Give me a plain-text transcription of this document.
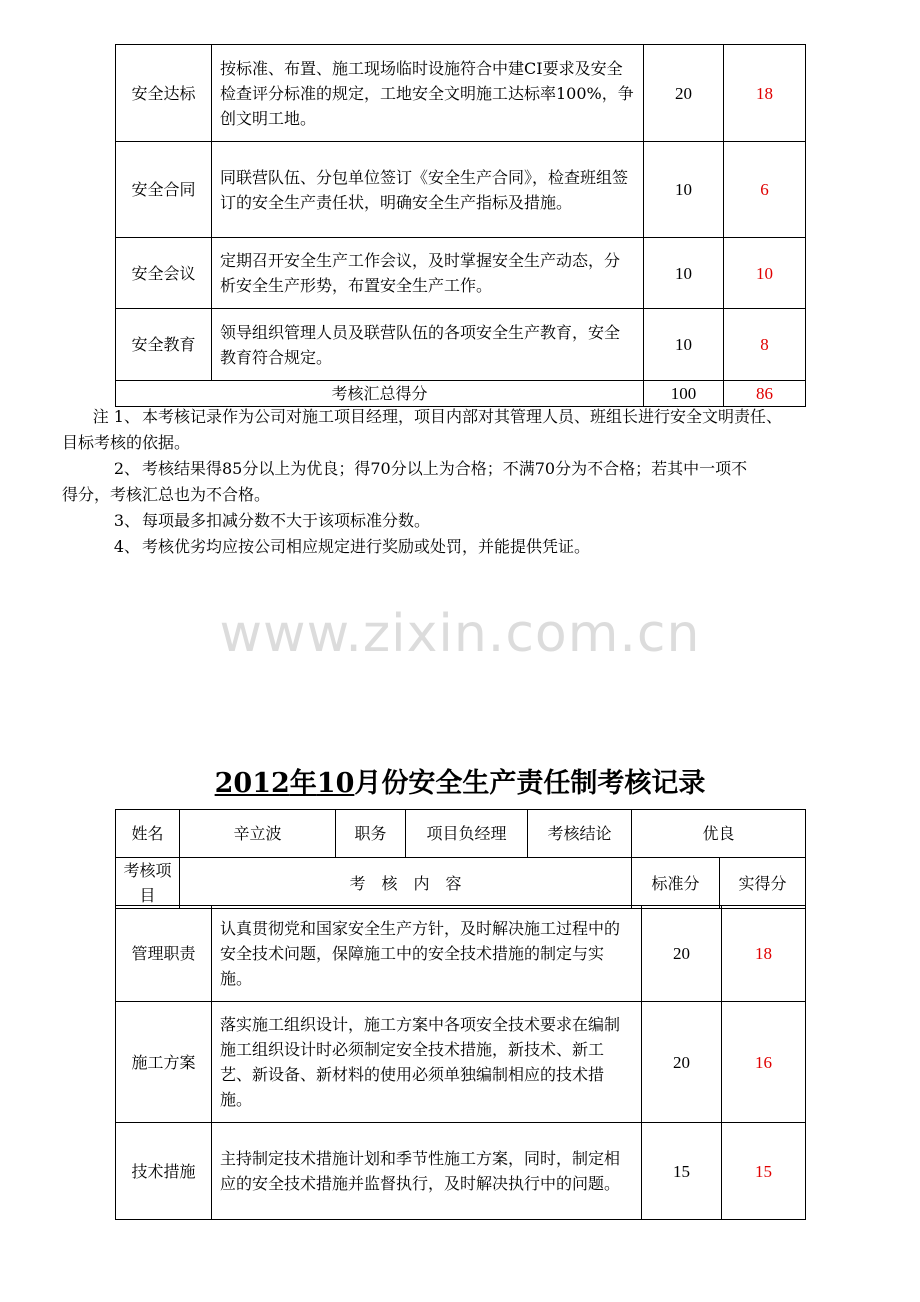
安全达标	按标准、布置、施工现场临时设施符合中建CI要求及安全检查评分标准的规定，工地安全文明施工达标率100%，争创文明工地。	20	18
安全合同	同联营队伍、分包单位签订《安全生产合同》，检查班组签订的安全生产责任状，明确安全生产指标及措施。	10	6
安全会议	定期召开安全生产工作会议，及时掌握安全生产动态，分析安全生产形势，布置安全生产工作。	10	10
安全教育	领导组织管理人员及联营队伍的各项安全生产教育，安全教育符合规定。	10	8
考核汇总得分		100	86
注 1、 本考核记录作为公司对施工项目经理，项目内部对其管理人员、班组长进行安全文明责任、
目标考核的依据。
2、 考核结果得85分以上为优良；得70分以上为合格；不满70分为不合格；若其中一项不
得分，考核汇总也为不合格。
3、 每项最多扣减分数不大于该项标准分数。
4、 考核优劣均应按公司相应规定进行奖励或处罚，并能提供凭证。
www.zixin.com.cn
2012年10月份安全生产责任制考核记录
姓名	辛立波	职务	项目负经理	考核结论	优良	
考核项目	考　核　内　容				标准分	实得分
管理职责	认真贯彻党和国家安全生产方针，及时解决施工过程中的安全技术问题，保障施工中的安全技术措施的制定与实施。	20	18
施工方案	落实施工组织设计，施工方案中各项安全技术要求在编制施工组织设计时必须制定安全技术措施，新技术、新工艺、新设备、新材料的使用必须单独编制相应的技术措施。	20	16
技术措施	主持制定技术措施计划和季节性施工方案，同时，制定相应的安全技术措施并监督执行，及时解决执行中的问题。	15	15
